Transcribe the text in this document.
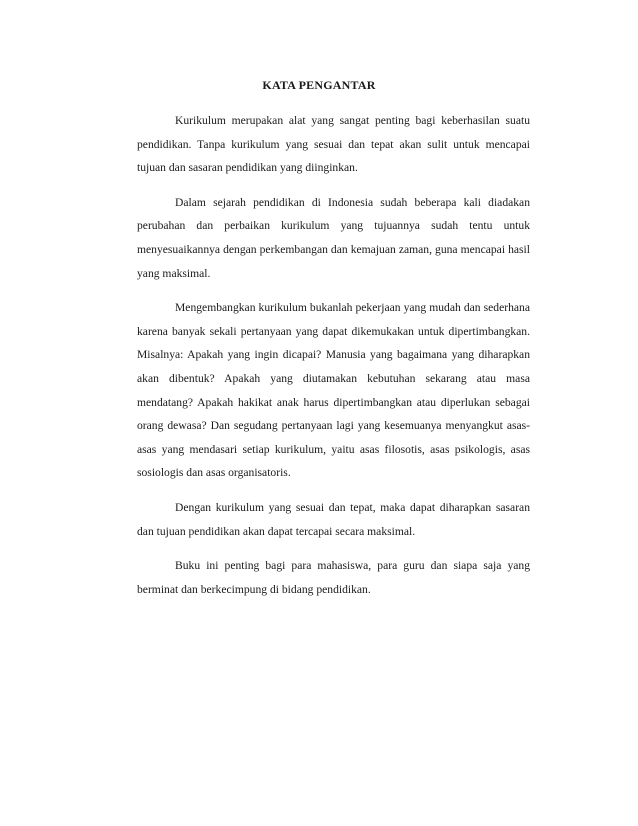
KATA PENGANTAR

Kurikulum merupakan alat yang sangat penting bagi keberhasilan suatu pendidikan. Tanpa kurikulum yang sesuai dan tepat akan sulit untuk mencapai tujuan dan sasaran pendidikan yang diinginkan.

Dalam sejarah pendidikan di Indonesia sudah beberapa kali diadakan perubahan dan perbaikan kurikulum yang tujuannya sudah tentu untuk menyesuaikannya dengan perkembangan dan kemajuan zaman, guna mencapai hasil yang maksimal.

Mengembangkan kurikulum bukanlah pekerjaan yang mudah dan sederhana karena banyak sekali pertanyaan yang dapat dikemukakan untuk dipertimbangkan. Misalnya: Apakah yang ingin dicapai? Manusia yang bagaimana yang diharapkan akan dibentuk? Apakah yang diutamakan kebutuhan sekarang atau masa mendatang? Apakah hakikat anak harus dipertimbangkan atau diperlukan sebagai orang dewasa? Dan segudang pertanyaan lagi yang kesemuanya menyangkut asas-asas yang mendasari setiap kurikulum, yaitu asas filosotis, asas psikologis, asas sosiologis dan asas organisatoris.

Dengan kurikulum yang sesuai dan tepat, maka dapat diharapkan sasaran dan tujuan pendidikan akan dapat tercapai secara maksimal.

Buku ini penting bagi para mahasiswa, para guru dan siapa saja yang berminat dan berkecimpung di bidang pendidikan.
